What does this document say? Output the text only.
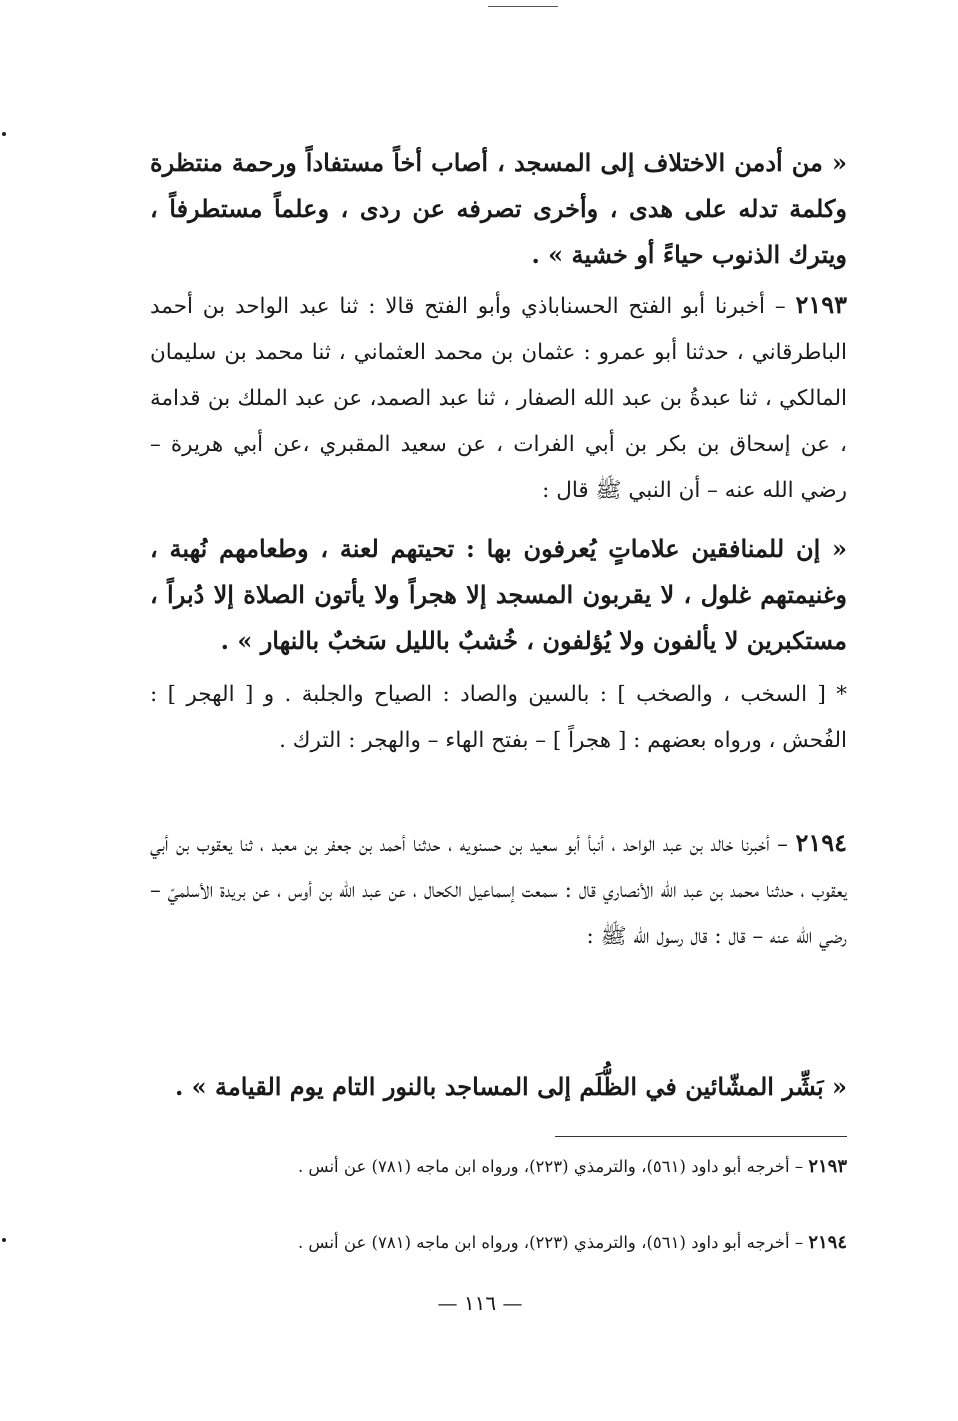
« من أدمن الاختلاف إلى المسجد ، أصاب أخاً مستفاداً ورحمة منتظرة وكلمة تدله على هدى ، وأخرى تصرفه عن ردى ، وعلماً مستطرفاً ، ويترك الذنوب حياءً أو خشية » .
٢١٩٣ – أخبرنا أبو الفتح الحسناباذي وأبو الفتح قالا : ثنا عبد الواحد بن أحمد الباطرقاني ، حدثنا أبو عمرو : عثمان بن محمد العثماني ، ثنا محمد بن سليمان المالكي ، ثنا عبدةُ بن عبد الله الصفار ، ثنا عبد الصمد، عن عبد الملك بن قدامة ، عن إسحاق بن بكر بن أبي الفرات ، عن سعيد المقبري ،عن أبي هريرة – رضي الله عنه – أن النبي ﷺ قال :
« إن للمنافقين علاماتٍ يُعرفون بها : تحيتهم لعنة ، وطعامهم نُهبة ، وغنيمتهم غلول ، لا يقربون المسجد إلا هجراً ولا يأتون الصلاة إلا دُبراً ، مستكبرين لا يألفون ولا يُؤلفون ، خُشبٌ بالليل سَخبٌ بالنهار » .
* [ السخب ، والصخب ] : بالسين والصاد : الصياح والجلبة . و [ الهجر ] : الفُحش ، ورواه بعضهم : [ هجراً ] – بفتح الهاء – والهجر : الترك .
٢١٩٤ – أخبرنا خالد بن عبد الواحد ، أنبأ أبو سعيد بن حسنويه ، حدثنا أحمد بن جعفر بن معبد ، ثنا يعقوب بن أبي يعقوب ، حدثنا محمد بن عبد الله الأنصاري قال : سمعت إسماعيل الكحال ، عن عبد الله بن أوس ، عن بريدة الأسلميّ – رضي الله عنه – قال : قال رسول الله ﷺ :
« بَشِّر المشّائين في الظُّلَم إلى المساجد بالنور التام يوم القيامة » .
٢١٩٣ – أخرجه أبو داود (٥٦١)، والترمذي (٢٢٣)، ورواه ابن ماجه (٧٨١) عن أنس .
٢١٩٤ – أخرجه أبو داود (٥٦١)، والترمذي (٢٢٣)، ورواه ابن ماجه (٧٨١) عن أنس .
— ١١٦ —
